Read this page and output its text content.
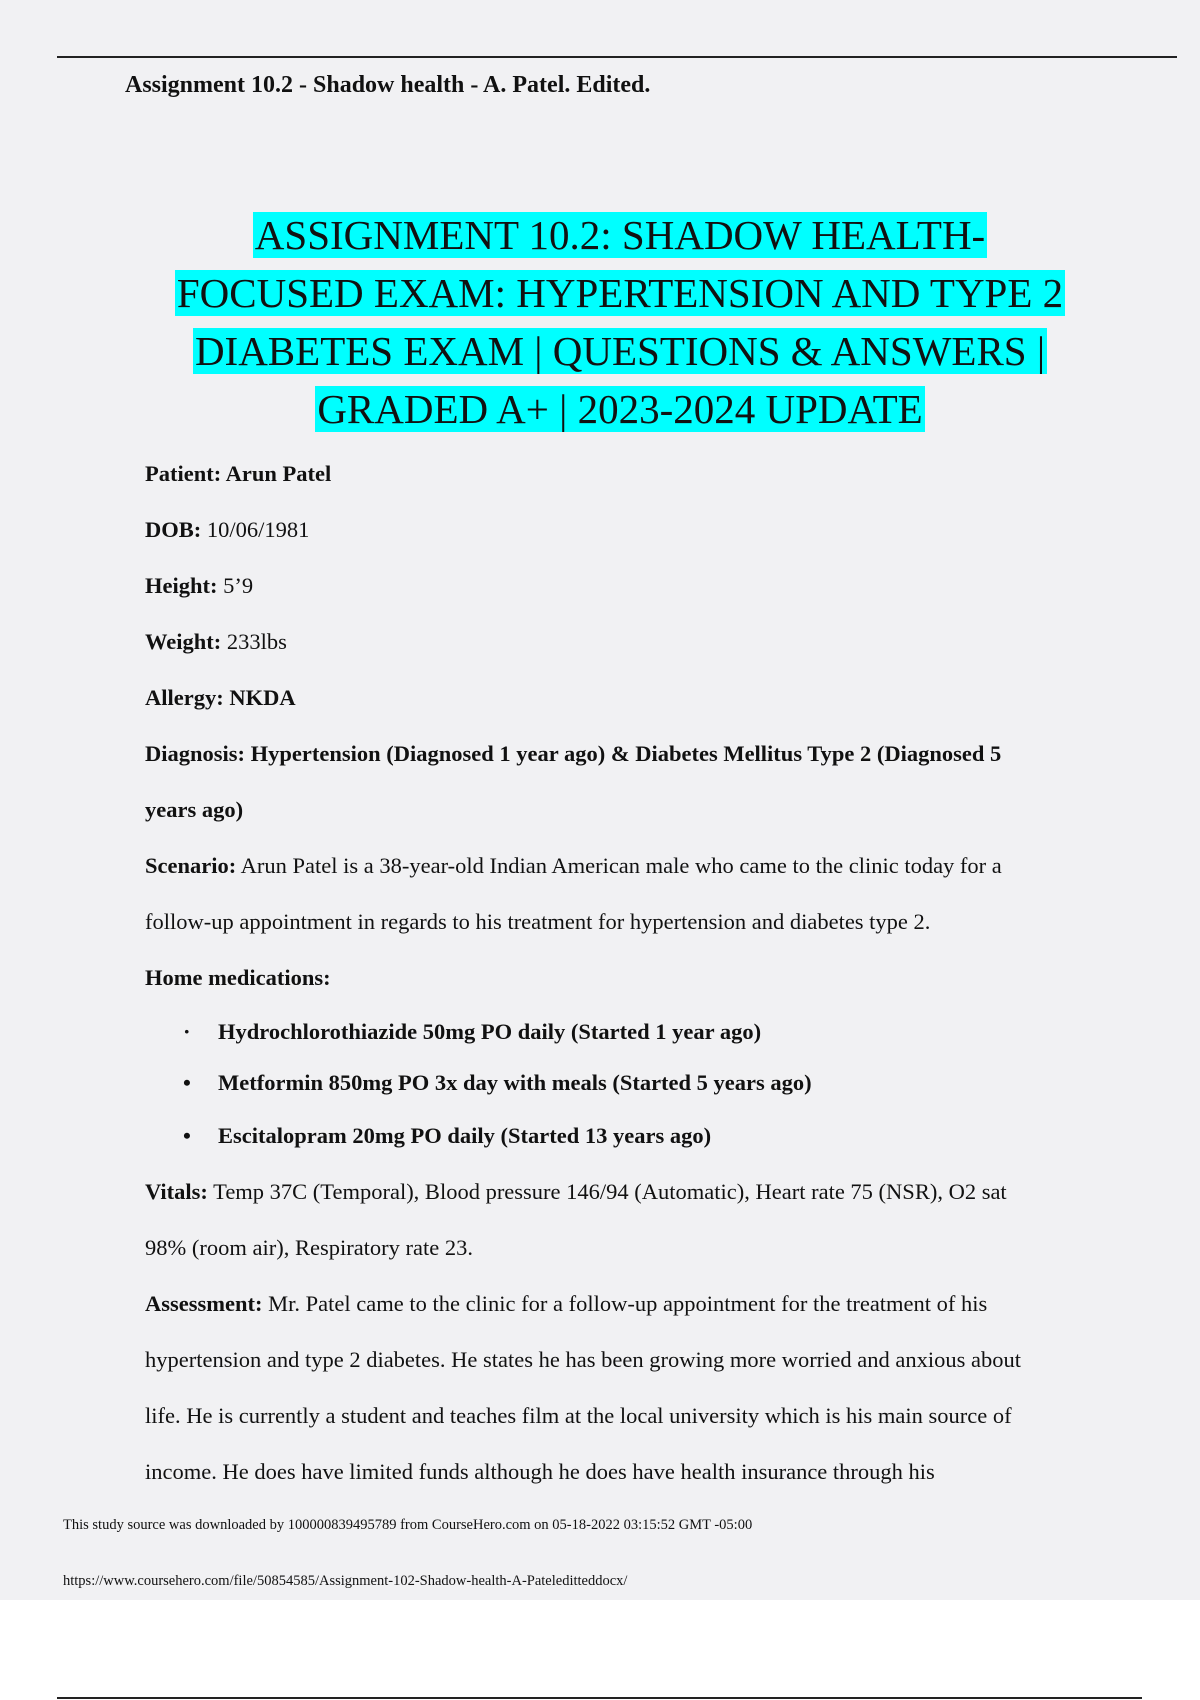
Assignment 10.2 - Shadow health - A. Patel. Edited.
ASSIGNMENT 10.2: SHADOW HEALTH-
FOCUSED EXAM: HYPERTENSION AND TYPE 2
DIABETES EXAM | QUESTIONS & ANSWERS |
GRADED A+ | 2023-2024 UPDATE

Patient: Arun Patel

DOB: 10/06/1981

Height: 5’9

Weight: 233lbs

Allergy: NKDA

Diagnosis: Hypertension (Diagnosed 1 year ago) & Diabetes Mellitus Type 2 (Diagnosed 5

years ago)

Scenario: Arun Patel is a 38-year-old Indian American male who came to the clinic today for a

follow-up appointment in regards to his treatment for hypertension and diabetes type 2.

Home medications:

· Hydrochlorothiazide 50mg PO daily (Started 1 year ago)
• Metformin 850mg PO 3x day with meals (Started 5 years ago)
• Escitalopram 20mg PO daily (Started 13 years ago)

Vitals: Temp 37C (Temporal), Blood pressure 146/94 (Automatic), Heart rate 75 (NSR), O2 sat

98% (room air), Respiratory rate 23.

Assessment: Mr. Patel came to the clinic for a follow-up appointment for the treatment of his

hypertension and type 2 diabetes. He states he has been growing more worried and anxious about

life. He is currently a student and teaches film at the local university which is his main source of

income. He does have limited funds although he does have health insurance through his

This study source was downloaded by 100000839495789 from CourseHero.com on 05-18-2022 03:15:52 GMT -05:00
https://www.coursehero.com/file/50854585/Assignment-102-Shadow-health-A-Pateleditteddocx/
